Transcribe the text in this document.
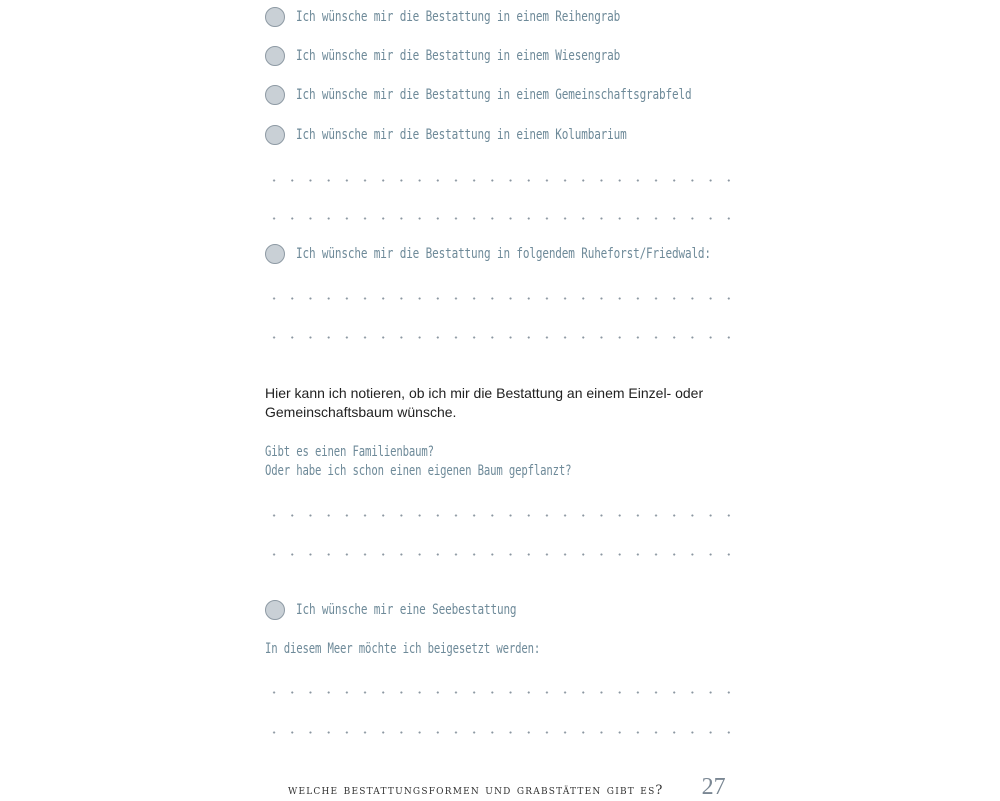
Ich wünsche mir die Bestattung in einem Reihengrab
Ich wünsche mir die Bestattung in einem Wiesengrab
Ich wünsche mir die Bestattung in einem Gemeinschaftsgrabfeld
Ich wünsche mir die Bestattung in einem Kolumbarium
Ich wünsche mir die Bestattung in folgendem Ruheforst/Friedwald:
Hier kann ich notieren, ob ich mir die Bestattung an einem Einzel- oder Gemeinschaftsbaum wünsche.
Gibt es einen Familienbaum?
Oder habe ich schon einen eigenen Baum gepflanzt?
Ich wünsche mir eine Seebestattung
In diesem Meer möchte ich beigesetzt werden:
welche bestattungsformen und grabstätten gibt es? 27
